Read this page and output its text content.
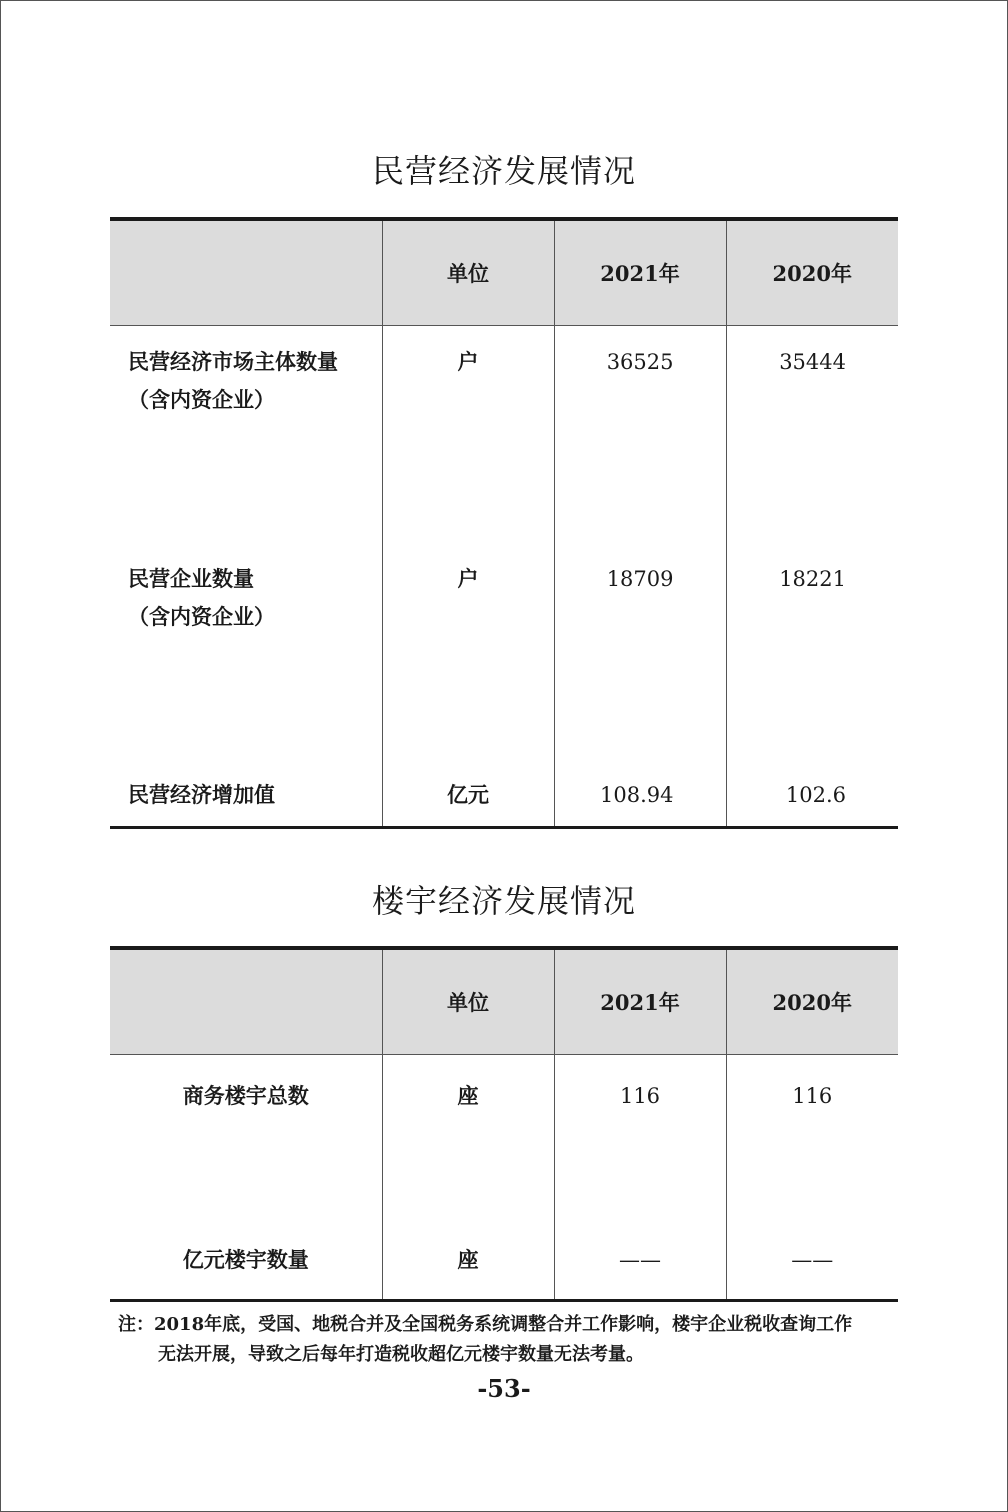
民营经济发展情况
	单位	2021年	2020年
民营经济市场主体数量
（含内资企业）	户	36525	35444
民营企业数量
（含内资企业）	户	18709	18221
民营经济增加值	亿元	108.94	102.6
楼宇经济发展情况
	单位	2021年	2020年
商务楼宇总数	座	116	116
亿元楼宇数量	座	——	——
注：2018年底，受国、地税合并及全国税务系统调整合并工作影响，楼宇企业税收查询工作
无法开展，导致之后每年打造税收超亿元楼宇数量无法考量。
-53-
